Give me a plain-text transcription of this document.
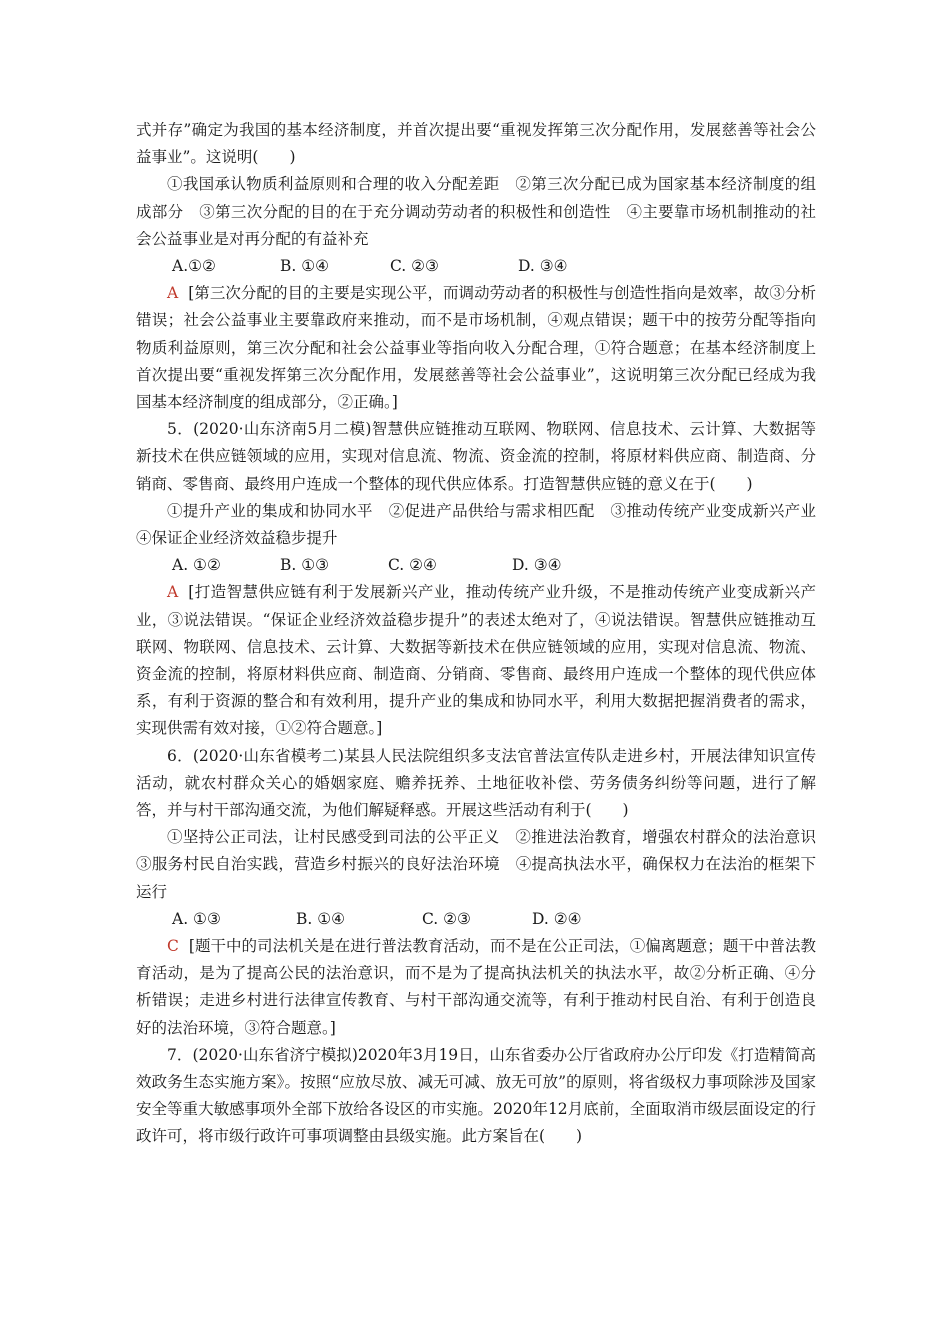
式并存”确定为我国的基本经济制度，并首次提出要“重视发挥第三次分配作用，发展慈善等社会公益事业”。这说明(　　)

①我国承认物质利益原则和合理的收入分配差距　②第三次分配已成为国家基本经济制度的组成部分　③第三次分配的目的在于充分调动劳动者的积极性和创造性　④主要靠市场机制推动的社会公益事业是对再分配的有益补充

A.①②	B. ①④	C. ②③	D. ③④

A [第三次分配的目的主要是实现公平，而调动劳动者的积极性与创造性指向是效率，故③分析错误；社会公益事业主要靠政府来推动，而不是市场机制，④观点错误；题干中的按劳分配等指向物质利益原则，第三次分配和社会公益事业等指向收入分配合理，①符合题意；在基本经济制度上首次提出要“重视发挥第三次分配作用，发展慈善等社会公益事业”，这说明第三次分配已经成为我国基本经济制度的组成部分，②正确。]

5．(2020·山东济南5月二模)智慧供应链推动互联网、物联网、信息技术、云计算、大数据等新技术在供应链领域的应用，实现对信息流、物流、资金流的控制，将原材料供应商、制造商、分销商、零售商、最终用户连成一个整体的现代供应体系。打造智慧供应链的意义在于(　　)

①提升产业的集成和协同水平　②促进产品供给与需求相匹配　③推动传统产业变成新兴产业　④保证企业经济效益稳步提升

A. ①②	B. ①③	C. ②④	D. ③④

A [打造智慧供应链有利于发展新兴产业，推动传统产业升级，不是推动传统产业变成新兴产业，③说法错误。“保证企业经济效益稳步提升”的表述太绝对了，④说法错误。智慧供应链推动互联网、物联网、信息技术、云计算、大数据等新技术在供应链领域的应用，实现对信息流、物流、资金流的控制，将原材料供应商、制造商、分销商、零售商、最终用户连成一个整体的现代供应体系，有利于资源的整合和有效利用，提升产业的集成和协同水平，利用大数据把握消费者的需求，实现供需有效对接，①②符合题意。]

6．(2020·山东省模考二)某县人民法院组织多支法官普法宣传队走进乡村，开展法律知识宣传活动，就农村群众关心的婚姻家庭、赡养抚养、土地征收补偿、劳务债务纠纷等问题，进行了解答，并与村干部沟通交流，为他们解疑释惑。开展这些活动有利于(　　)

①坚持公正司法，让村民感受到司法的公平正义　②推进法治教育，增强农村群众的法治意识　③服务村民自治实践，营造乡村振兴的良好法治环境　④提高执法水平，确保权力在法治的框架下运行

A. ①③	B. ①④	C. ②③	D. ②④

C [题干中的司法机关是在进行普法教育活动，而不是在公正司法，①偏离题意；题干中普法教育活动，是为了提高公民的法治意识，而不是为了提高执法机关的执法水平，故②分析正确、④分析错误；走进乡村进行法律宣传教育、与村干部沟通交流等，有利于推动村民自治、有利于创造良好的法治环境，③符合题意。]

7．(2020·山东省济宁模拟)2020年3月19日，山东省委办公厅省政府办公厅印发《打造精简高效政务生态实施方案》。按照“应放尽放、减无可减、放无可放”的原则，将省级权力事项除涉及国家安全等重大敏感事项外全部下放给各设区的市实施。2020年12月底前，全面取消市级层面设定的行政许可，将市级行政许可事项调整由县级实施。此方案旨在(　　)
